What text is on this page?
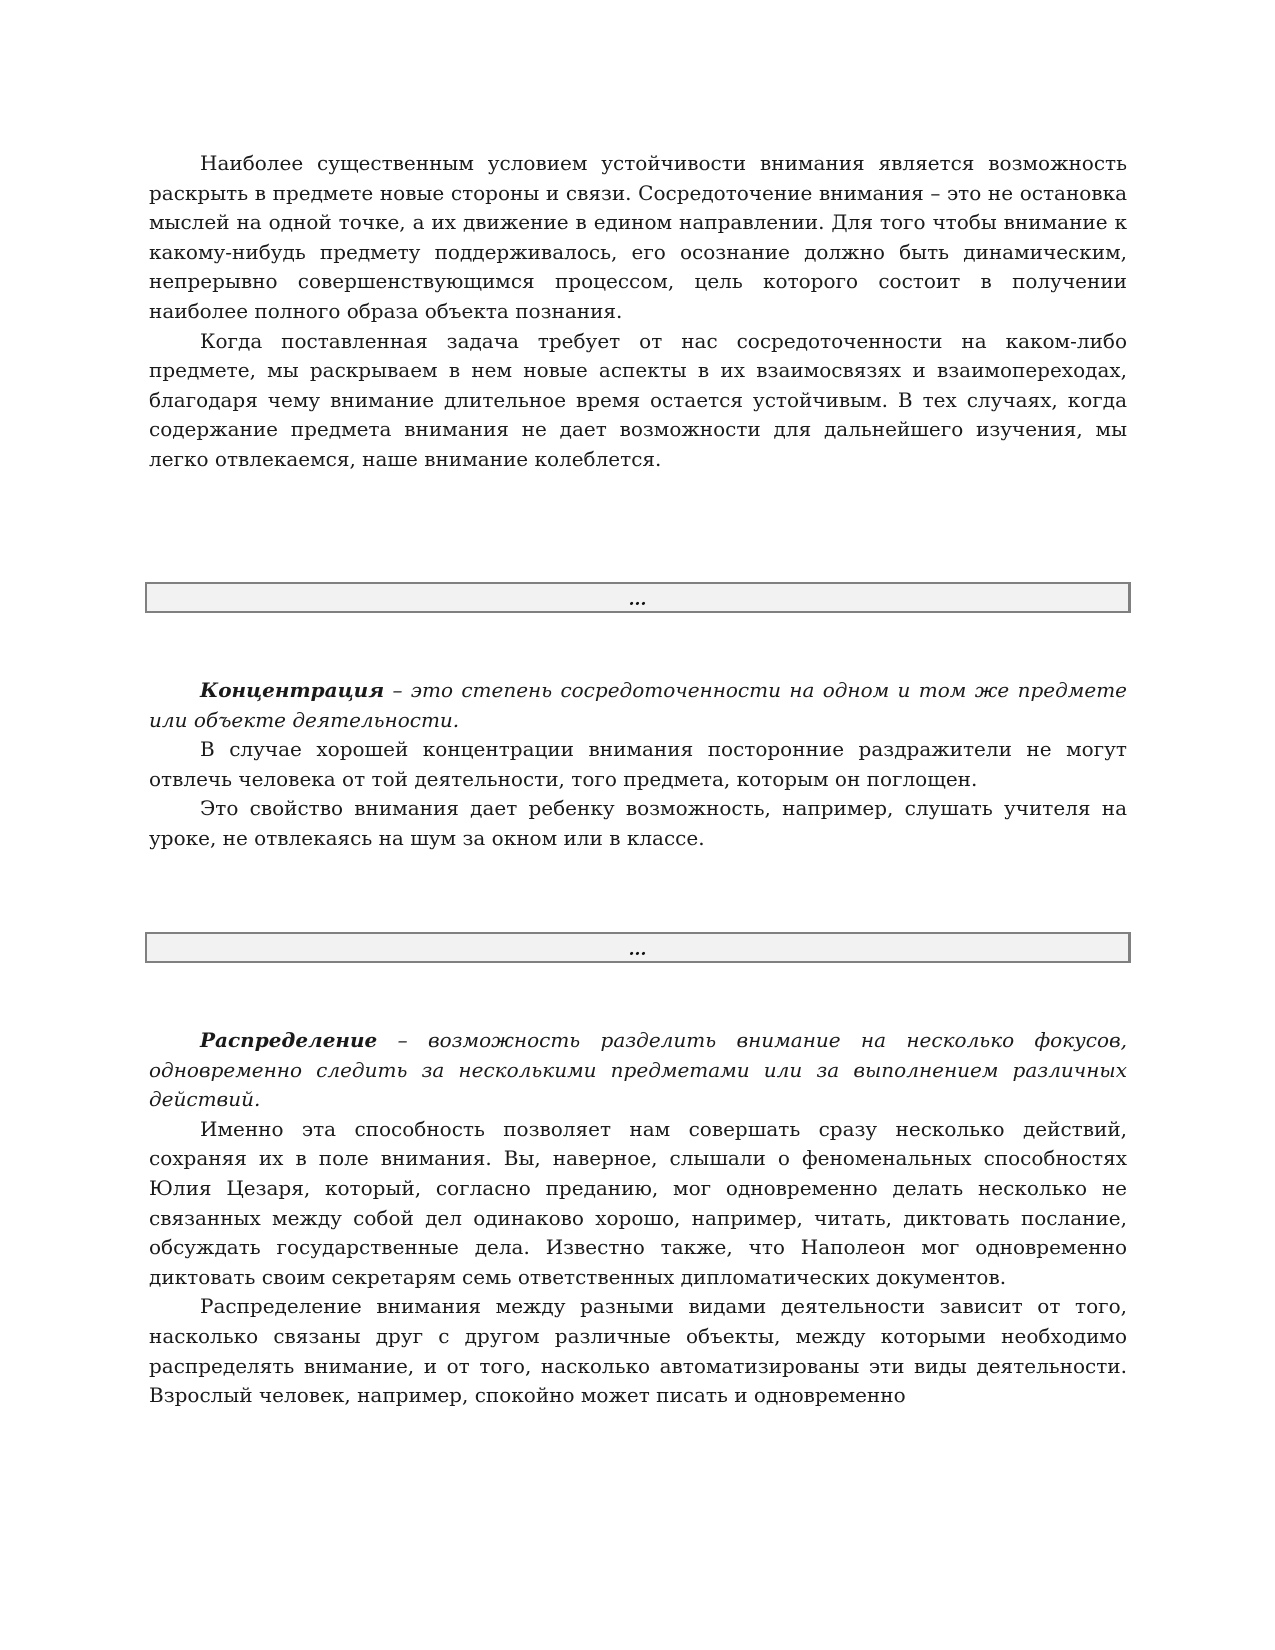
Наиболее существенным условием устойчивости внимания является возможность раскрыть в предмете новые стороны и связи. Сосредоточение внимания – это не остановка мыслей на одной точке, а их движение в едином направлении. Для того чтобы внимание к какому-нибудь предмету поддерживалось, его осознание должно быть динамическим, непрерывно совершенствующимся процессом, цель которого состоит в получении наиболее полного образа объекта познания.

Когда поставленная задача требует от нас сосредоточенности на каком-либо предмете, мы раскрываем в нем новые аспекты в их взаимосвязях и взаимопереходах, благодаря чему внимание длительное время остается устойчивым. В тех случаях, когда содержание предмета внимания не дает возможности для дальнейшего изучения, мы легко отвлекаемся, наше внимание колеблется.

...

Концентрация – это степень сосредоточенности на одном и том же предмете или объекте деятельности.

В случае хорошей концентрации внимания посторонние раздражители не могут отвлечь человека от той деятельности, того предмета, которым он поглощен.

Это свойство внимания дает ребенку возможность, например, слушать учителя на уроке, не отвлекаясь на шум за окном или в классе.

...

Распределение – возможность разделить внимание на несколько фокусов, одновременно следить за несколькими предметами или за выполнением различных действий.

Именно эта способность позволяет нам совершать сразу несколько действий, сохраняя их в поле внимания. Вы, наверное, слышали о феноменальных способностях Юлия Цезаря, который, согласно преданию, мог одновременно делать несколько не связанных между собой дел одинаково хорошо, например, читать, диктовать послание, обсуждать государственные дела. Известно также, что Наполеон мог одновременно диктовать своим секретарям семь ответственных дипломатических документов.

Распределение внимания между разными видами деятельности зависит от того, насколько связаны друг с другом различные объекты, между которыми необходимо распределять внимание, и от того, насколько автоматизированы эти виды деятельности. Взрослый человек, например, спокойно может писать и одновременно
